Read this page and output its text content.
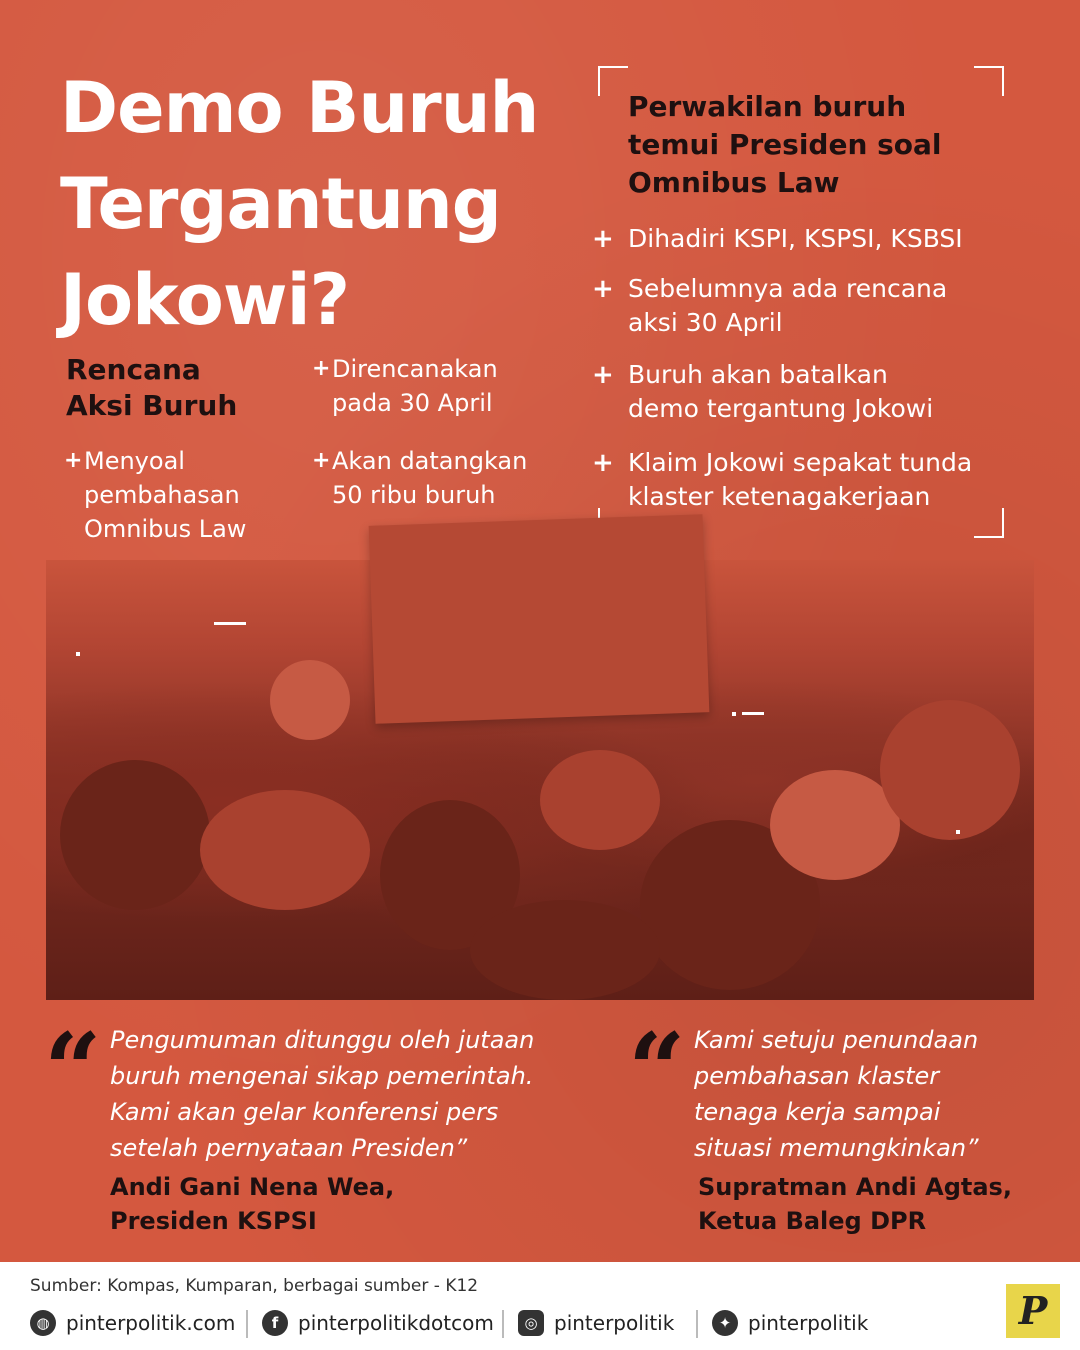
Demo Buruh
Tergantung
Jokowi?
Perwakilan buruh
temui Presiden soal
Omnibus Law
+ Dihadiri KSPI, KSPSI, KSBSI
+ Sebelumnya ada rencana
aksi 30 April
+ Buruh akan batalkan
demo tergantung Jokowi
+ Klaim Jokowi sepakat tunda
klaster ketenagakerjaan
Rencana
Aksi Buruh
+ Menyoal
pembahasan
Omnibus Law
+ Direncanakan
pada 30 April
+ Akan datangkan
50 ribu buruh
“ Pengumuman ditunggu oleh jutaan
buruh mengenai sikap pemerintah.
Kami akan gelar konferensi pers
setelah pernyataan Presiden”
Andi Gani Nena Wea,
Presiden KSPSI
“ Kami setuju penundaan
pembahasan klaster
tenaga kerja sampai
situasi memungkinkan”
Supratman Andi Agtas,
Ketua Baleg DPR
Sumber: Kompas, Kumparan, berbagai sumber - K12
◍ pinterpolitik.com	f pinterpolitikdotcom	◎ pinterpolitik	✦ pinterpolitik	P
